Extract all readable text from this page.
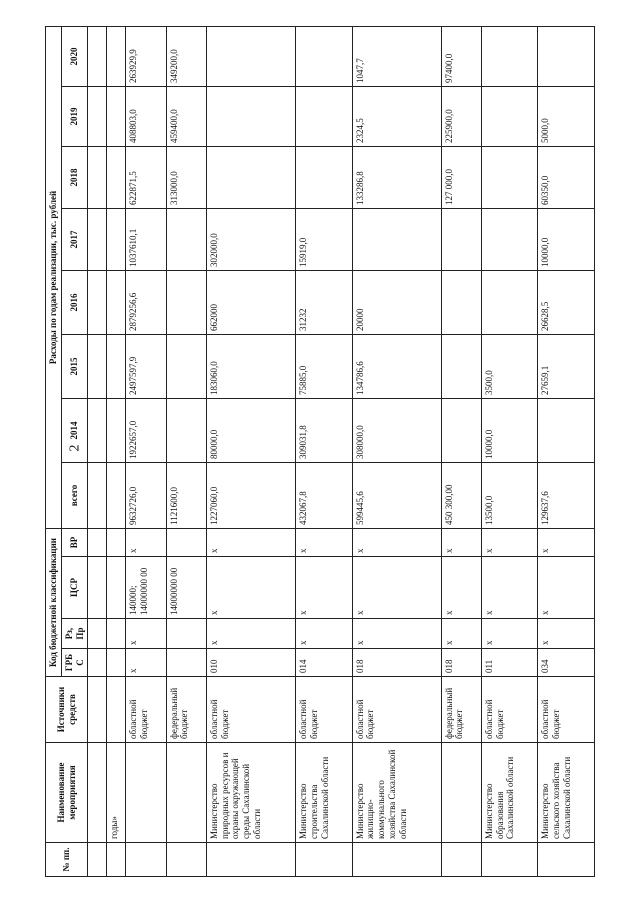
2
№ пп.	Наименование мероприятия	Источники средств	Код бюджетной классификации				Расходы по годам реализации, тыс. рублей							
			ГРБ С	Рз, Пр	ЦСР	ВР	всего	2014	2015	2016	2017	2018	2019	2020

	годы»													
		областной бюджет	x	x	140000; 14000000 00	x	9632726,0	1922657,0	2497597,9	2879256,6	1037610,1	622871,5	408803,0	263929,9
		федеральный бюджет			14000000 00		1121600,0					313000,0	459400,0	349200,0
	Министерство природных ресурсов и охраны окружающей среды Сахалинской области	областной бюджет	010	x	x	x	1227060,0	80000,0	183060,0	662000	302000,0			
	Министерство строительства Сахалинской области	областной бюджет	014	x	x	x	432067,8	309031,8	75885,0	31232	15919,0			
	Министерство жилищно-коммунального хозяйства Сахалинской области	областной бюджет	018	x	x	x	599445,6	308000,0	134786,6	20000		133286,8	2324,5	1047,7
		федеральный бюджет	018	x	x	x	450 300,00					127 000,0	225900,0	97400,0
	Министерство образования Сахалинской области	областной бюджет	011	x	x	x	13500,0	10000,0	3500,0					
	Министерство сельского хозяйства Сахалинской области	областной бюджет	034	x	x	x	129637,6		27659,1	26628,5	10000,0	60350,0	5000,0	
